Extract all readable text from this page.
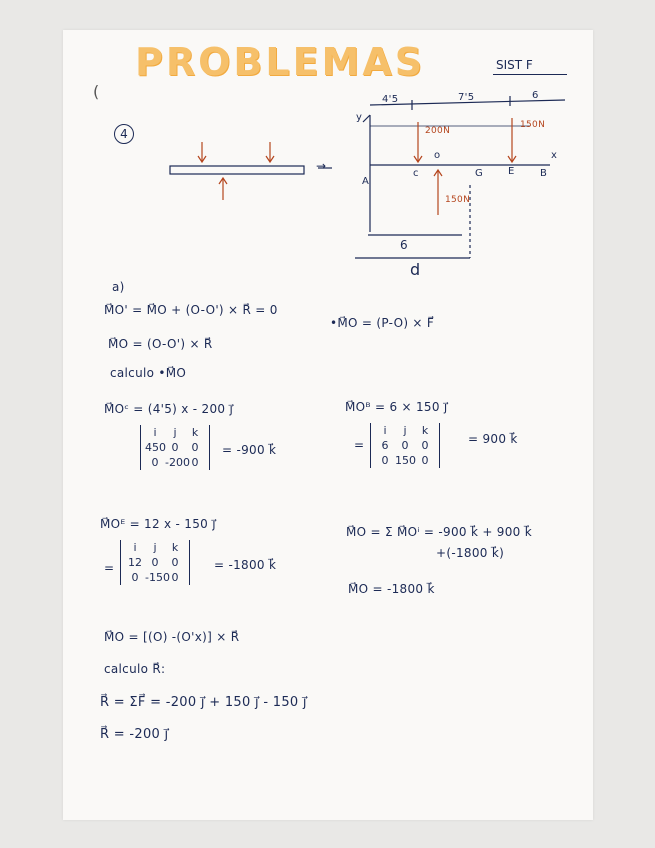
(
PROBLEMAS	SIST F
4
4'5	7'5	6
y
200N
150N
o	x
c	G E	B
A
150N
6
d
a)
M⃗O' = M⃗O + (O-O') × R⃗ = 0
•M⃗O = (P-O) × F⃗
M⃗O = (O-O') × R⃗
calculo •M⃗O
M⃗Oᶜ = (4'5) x - 200 j⃗
i j k
450 0 0
0 -200 0
= -900 k⃗
M⃗Oᴮ = 6 × 150 j⃗
=
i j k
6 0 0
0 150 0
= 900 k⃗
M⃗Oᴱ = 12 x - 150 j⃗
=
i j k
12 0 0
0 -150 0
= -1800 k⃗
M⃗O = Σ M⃗Oⁱ = -900 k⃗ + 900 k⃗
+(-1800 k⃗)
M⃗O = -1800 k⃗
M⃗O = [(O) -(O'x)] × R⃗
calculo R⃗:
R⃗ = ΣF⃗ = -200 j⃗ + 150 j⃗ - 150 j⃗
R⃗ = -200 j⃗
→
